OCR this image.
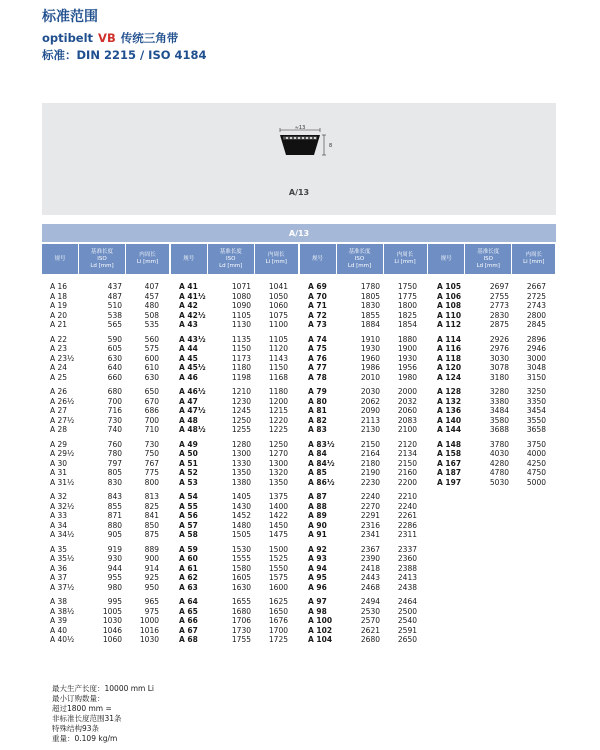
标准范围
optibelt VB 传统三角带
标准：DIN 2215 / ISO 4184
≈13
8
A/13
A/13
规号
基准长度
ISO
Ld [mm]
内周长
Li [mm]
规号
基准长度
ISO
Ld [mm]
内周长
Li [mm]
规号
基准长度
ISO
Ld [mm]
内周长
Li [mm]
规号
基准长度
ISO
Ld [mm]
内周长
Li [mm]
A 16	437	407
A 18	487	457
A 19	510	480
A 20	538	508
A 21	565	535
A 22	590	560
A 23	605	575
A 23½	630	600
A 24	640	610
A 25	660	630
A 26	680	650
A 26½	700	670
A 27	716	686
A 27½	730	700
A 28	740	710
A 29	760	730
A 29½	780	750
A 30	797	767
A 31	805	775
A 31½	830	800
A 32	843	813
A 32½	855	825
A 33	871	841
A 34	880	850
A 34½	905	875
A 35	919	889
A 35½	930	900
A 36	944	914
A 37	955	925
A 37½	980	950
A 38	995	965
A 38½	1005	975
A 39	1030	1000
A 40	1046	1016
A 40½	1060	1030
A 41	1071	1041
A 41½	1080	1050
A 42	1090	1060
A 42½	1105	1075
A 43	1130	1100
A 43½	1135	1105
A 44	1150	1120
A 45	1173	1143
A 45½	1180	1150
A 46	1198	1168
A 46½	1210	1180
A 47	1230	1200
A 47½	1245	1215
A 48	1250	1220
A 48½	1255	1225
A 49	1280	1250
A 50	1300	1270
A 51	1330	1300
A 52	1350	1320
A 53	1380	1350
A 54	1405	1375
A 55	1430	1400
A 56	1452	1422
A 57	1480	1450
A 58	1505	1475
A 59	1530	1500
A 60	1555	1525
A 61	1580	1550
A 62	1605	1575
A 63	1630	1600
A 64	1655	1625
A 65	1680	1650
A 66	1706	1676
A 67	1730	1700
A 68	1755	1725
A 69	1780	1750
A 70	1805	1775
A 71	1830	1800
A 72	1855	1825
A 73	1884	1854
A 74	1910	1880
A 75	1930	1900
A 76	1960	1930
A 77	1986	1956
A 78	2010	1980
A 79	2030	2000
A 80	2062	2032
A 81	2090	2060
A 82	2113	2083
A 83	2130	2100
A 83½	2150	2120
A 84	2164	2134
A 84½	2180	2150
A 85	2190	2160
A 86½	2230	2200
A 87	2240	2210
A 88	2270	2240
A 89	2291	2261
A 90	2316	2286
A 91	2341	2311
A 92	2367	2337
A 93	2390	2360
A 94	2418	2388
A 95	2443	2413
A 96	2468	2438
A 97	2494	2464
A 98	2530	2500
A 100	2570	2540
A 102	2621	2591
A 104	2680	2650
A 105	2697	2667
A 106	2755	2725
A 108	2773	2743
A 110	2830	2800
A 112	2875	2845
A 114	2926	2896
A 116	2976	2946
A 118	3030	3000
A 120	3078	3048
A 124	3180	3150
A 128	3280	3250
A 132	3380	3350
A 136	3484	3454
A 140	3580	3550
A 144	3688	3658
A 148	3780	3750
A 158	4030	4000
A 167	4280	4250
A 187	4780	4750
A 197	5030	5000
最大生产长度：10000 mm Li
最小订购数量：
超过1800 mm =
非标准长度范围31条
特殊结构93条
重量：0.109 kg/m
